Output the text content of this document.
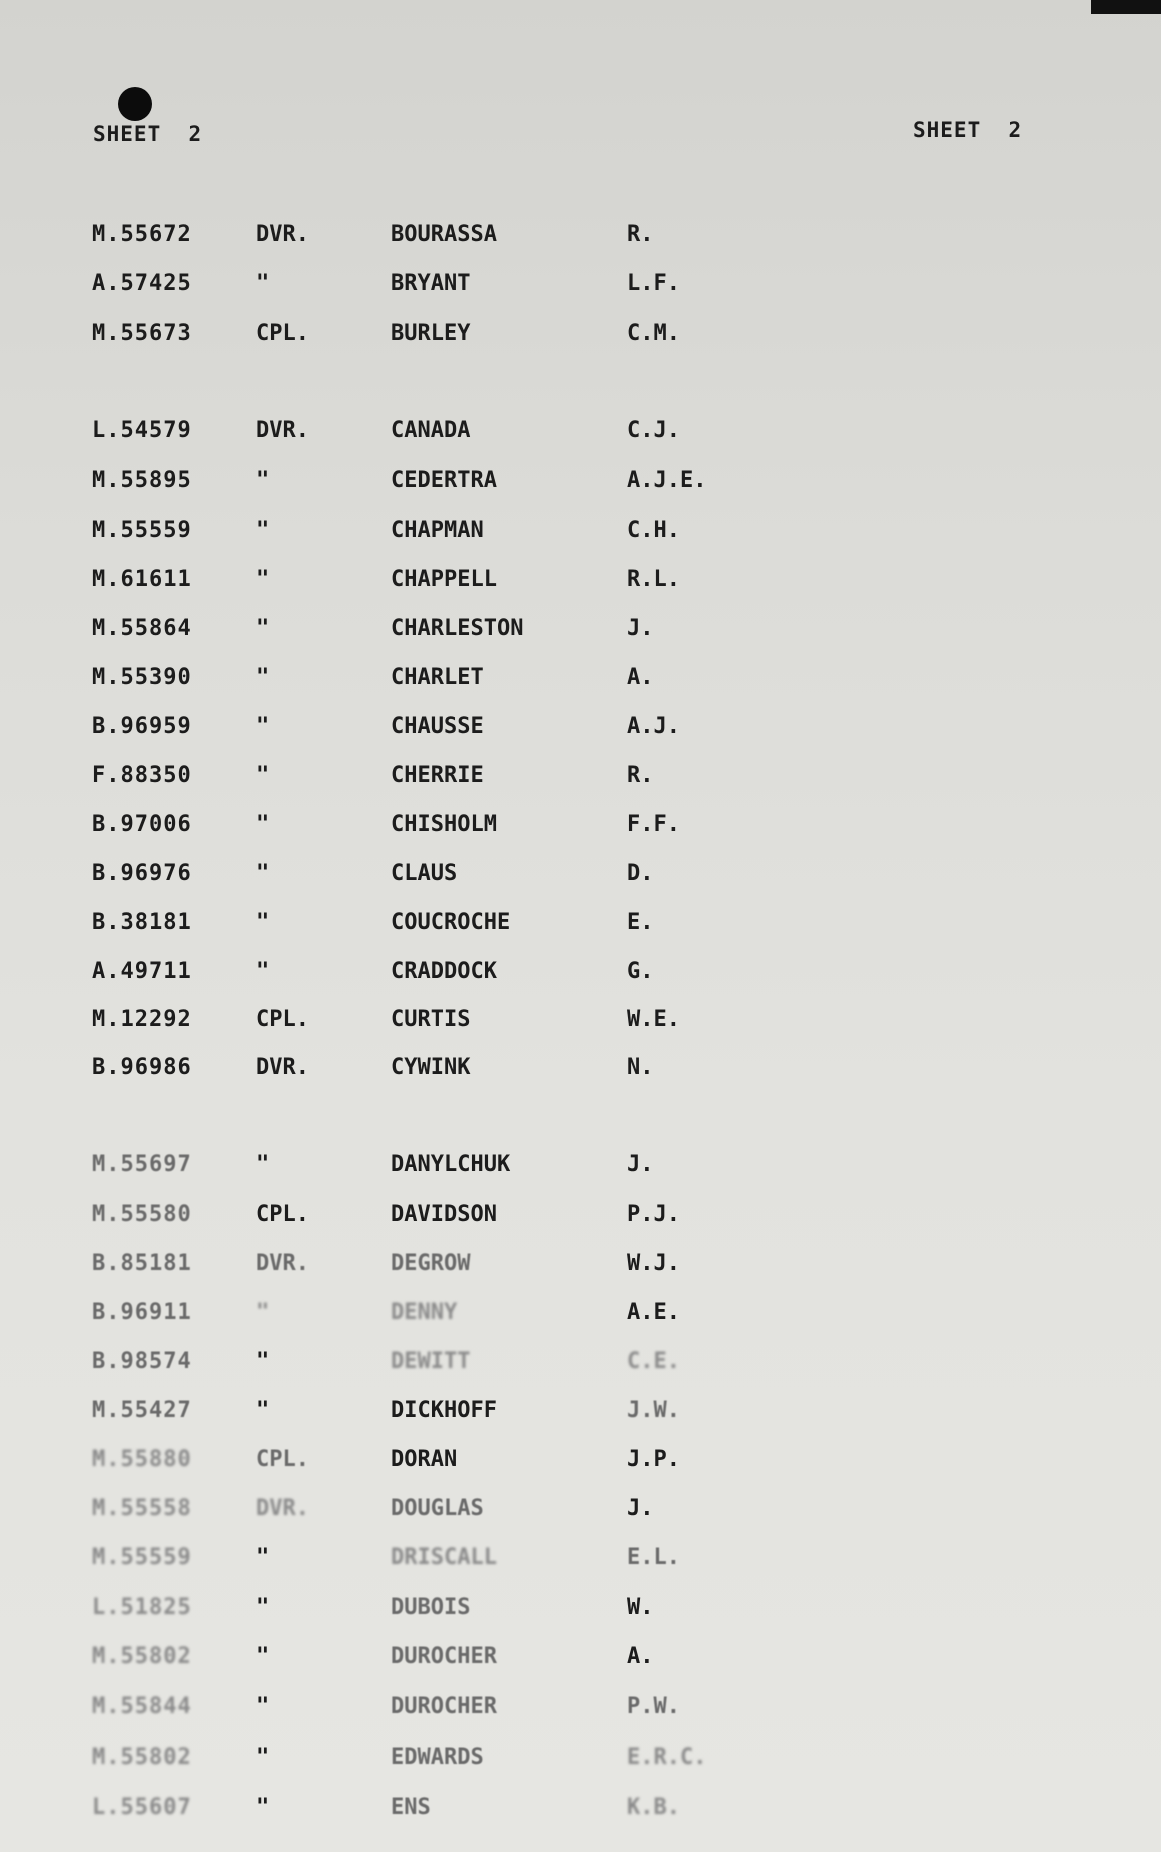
SHEET  2	SHEET  2
M.55672	DVR.	BOURASSA	R.
A.57425	"	BRYANT	L.F.
M.55673	CPL.	BURLEY	C.M.
L.54579	DVR.	CANADA	C.J.
M.55895	"	CEDERTRA	A.J.E.
M.55559	"	CHAPMAN	C.H.
M.61611	"	CHAPPELL	R.L.
M.55864	"	CHARLESTON	J.
M.55390	"	CHARLET	A.
B.96959	"	CHAUSSE	A.J.
F.88350	"	CHERRIE	R.
B.97006	"	CHISHOLM	F.F.
B.96976	"	CLAUS	D.
B.38181	"	COUCROCHE	E.
A.49711	"	CRADDOCK	G.
M.12292	CPL.	CURTIS	W.E.
B.96986	DVR.	CYWINK	N.
M.55697	"	DANYLCHUK	J.
M.55580	CPL.	DAVIDSON	P.J.
B.85181	DVR.	DEGROW	W.J.
B.96911	"	DENNY	A.E.
B.98574	"	DEWITT	C.E.
M.55427	"	DICKHOFF	J.W.
M.55880	CPL.	DORAN	J.P.
M.55558	DVR.	DOUGLAS	J.
M.55559	"	DRISCALL	E.L.
L.51825	"	DUBOIS	W.
M.55802	"	DUROCHER	A.
M.55844	"	DUROCHER	P.W.
M.55802	"	EDWARDS	E.R.C.
L.55607	"	ENS	K.B.
